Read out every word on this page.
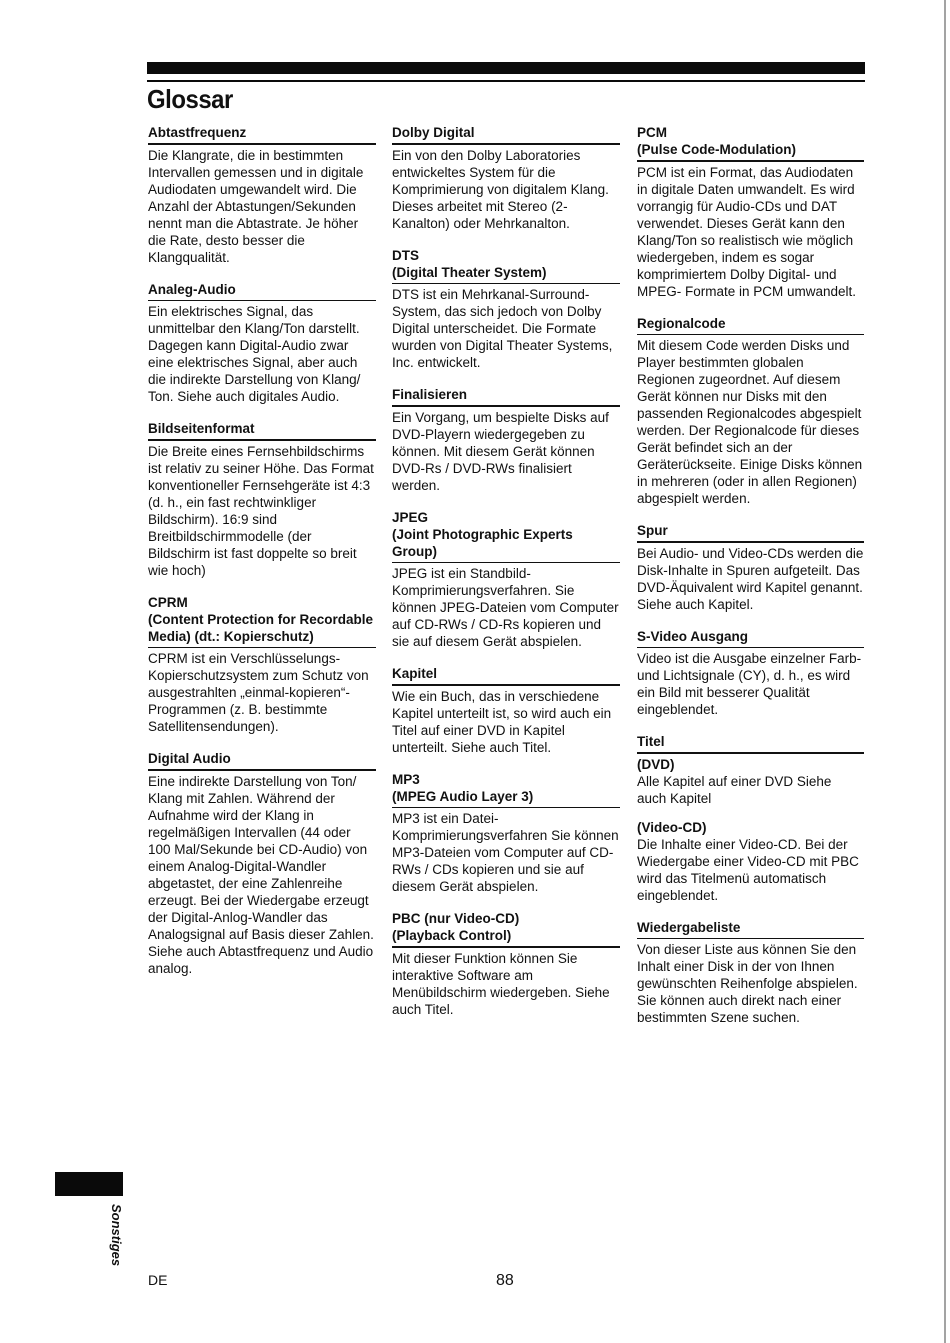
Glossar
Abtastfrequenz

Die Klangrate, die in bestimmten Intervallen gemessen und in digitale Audiodaten umgewandelt wird. Die Anzahl der Abtastungen/Sekunden nennt man die Abtastrate. Je höher die Rate, desto besser die Klangqualität.

Analeg-Audio

Ein elektrisches Signal, das unmittelbar den Klang/Ton darstellt. Dagegen kann Digital-Audio zwar eine elektrisches Signal, aber auch die indirekte Darstellung von Klang/ Ton. Siehe auch digitales Audio.

Bildseitenformat

Die Breite eines Fernsehbildschirms ist relativ zu seiner Höhe. Das Format konventioneller Fernsehgeräte ist 4:3 (d. h., ein fast rechtwinkliger Bildschirm). 16:9 sind Breitbildschirmmodelle (der Bildschirm ist fast doppelte so breit wie hoch)

CPRM
(Content Protection for Recordable Media) (dt.: Kopierschutz)

CPRM ist ein Verschlüsselungs-Kopierschutzsystem zum Schutz von ausgestrahlten „einmal-kopieren“-Programmen (z. B. bestimmte Satellitensendungen).

Digital Audio

Eine indirekte Darstellung von Ton/ Klang mit Zahlen. Während der Aufnahme wird der Klang in regelmäßigen Intervallen (44 oder 100 Mal/Sekunde bei CD-Audio) von einem Analog-Digital-Wandler abgetastet, der eine Zahlenreihe erzeugt. Bei der Wiedergabe erzeugt der Digital-Anlog-Wandler das Analogsignal auf Basis dieser Zahlen. Siehe auch Abtastfrequenz und Audio analog.

Dolby Digital

Ein von den Dolby Laboratories entwickeltes System für die Komprimierung von digitalem Klang. Dieses arbeitet mit Stereo (2-Kanalton) oder Mehrkanalton.

DTS
(Digital Theater System)

DTS ist ein Mehrkanal-Surround-System, das sich jedoch von Dolby Digital unterscheidet. Die Formate wurden von Digital Theater Systems, Inc. entwickelt.

Finalisieren

Ein Vorgang, um bespielte Disks auf DVD-Playern wiedergegeben zu können. Mit diesem Gerät können DVD-Rs / DVD-RWs finalisiert werden.

JPEG
(Joint Photographic Experts Group)

JPEG ist ein Standbild-Komprimierungsverfahren. Sie können JPEG-Dateien vom Computer auf CD-RWs / CD-Rs kopieren und sie auf diesem Gerät abspielen.

Kapitel

Wie ein Buch, das in verschiedene Kapitel unterteilt ist, so wird auch ein Titel auf einer DVD in Kapitel unterteilt. Siehe auch Titel.

MP3
(MPEG Audio Layer 3)

MP3 ist ein Datei-Komprimierungsverfahren Sie können MP3-Dateien vom Computer auf CD-RWs / CDs kopieren und sie auf diesem Gerät abspielen.

PBC (nur Video-CD)
(Playback Control)

Mit dieser Funktion können Sie interaktive Software am Menübildschirm wiedergeben. Siehe auch Titel.

PCM
(Pulse Code-Modulation)

PCM ist ein Format, das Audiodaten in digitale Daten umwandelt. Es wird vorrangig für Audio-CDs und DAT verwendet. Dieses Gerät kann den Klang/Ton so realistisch wie möglich wiedergeben, indem es sogar komprimiertem Dolby Digital- und MPEG- Formate in PCM umwandelt.

Regionalcode

Mit diesem Code werden Disks und Player bestimmten globalen Regionen zugeordnet. Auf diesem Gerät können nur Disks mit den passenden Regionalcodes abgespielt werden. Der Regionalcode für dieses Gerät befindet sich an der Geräterückseite. Einige Disks können in mehreren (oder in allen Regionen) abgespielt werden.

Spur

Bei Audio- und Video-CDs werden die Disk-Inhalte in Spuren aufgeteilt. Das DVD-Äquivalent wird Kapitel genannt. Siehe auch Kapitel.

S-Video Ausgang

Video ist die Ausgabe einzelner Farb- und Lichtsignale (CY), d. h., es wird ein Bild mit besserer Qualität eingeblendet.

Titel
(DVD)

Alle Kapitel auf einer DVD Siehe auch Kapitel

(Video-CD)

Die Inhalte einer Video-CD. Bei der Wiedergabe einer Video-CD mit PBC wird das Titelmenü automatisch eingeblendet.

Wiedergabeliste

Von dieser Liste aus können Sie den Inhalt einer Disk in der von Ihnen gewünschten Reihenfolge abspielen. Sie können auch direkt nach einer bestimmten Szene suchen.

Sonstiges
DE	88
